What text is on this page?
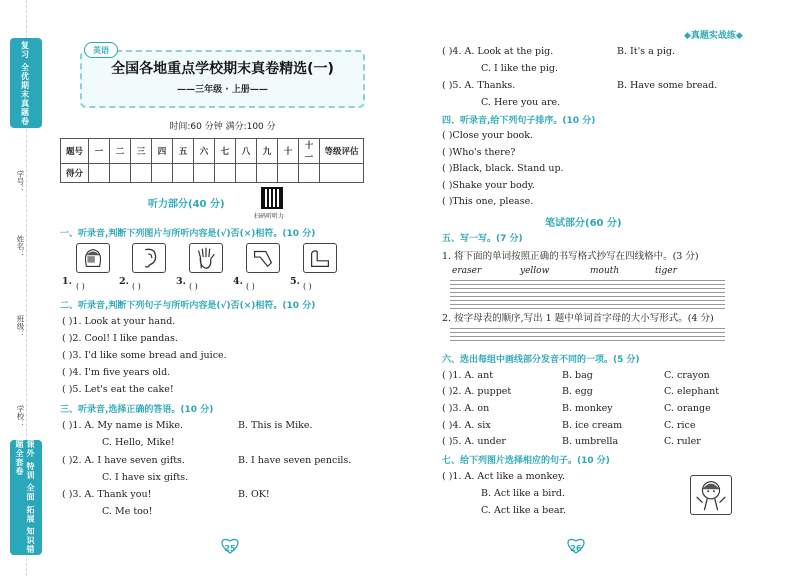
复习 全优期末真题卷
学号：
姓名：
班级：
学校：
课外 特训 全面 拓展 知识错题全套卷
英语
全国各地重点学校期末真卷精选(一)
——三年级 · 上册——
时间:60 分钟 满分:100 分
题号	一	二	三	四	五	六	七	八	九	十	十一	等级评估
得分												
听力部分(40 分)
扫码听听力
一、听录音,判断下列图片与所听内容是(√)否(×)相符。(10 分)
1. ( )	2. ( )	3. ( )	4. ( )	5. ( )
二、听录音,判断下列句子与所听内容是(√)否(×)相符。(10 分)
( )1. Look at your hand.
( )2. Cool! I like pandas.
( )3. I'd like some bread and juice.
( )4. I'm five years old.
( )5. Let's eat the cake!
三、听录音,选择正确的答语。(10 分)
( )1. A. My name is Mike.	B. This is Mike.
C. Hello, Mike!
( )2. A. I have seven gifts.	B. I have seven pencils.
C. I have six gifts.
( )3. A. Thank you!	B. OK!
C. Me too!
25
◆真题实战练◆
( )4. A. Look at the pig.	B. It's a pig.
C. I like the pig.
( )5. A. Thanks.	B. Have some bread.
C. Here you are.
四、听录音,给下列句子排序。(10 分)
( )Close your book.
( )Who's there?
( )Black, black. Stand up.
( )Shake your body.
( )This one, please.
笔试部分(60 分)
五、写一写。(7 分)
1. 将下面的单词按照正确的书写格式抄写在四线格中。(3 分)
eraser	yellow	mouth	tiger
2. 按字母表的顺序,写出 1 题中单词首字母的大小写形式。(4 分)
六、选出每组中画线部分发音不同的一项。(5 分)
( )1. A. ant	B. bag	C. crayon
( )2. A. puppet	B. egg	C. elephant
( )3. A. on	B. monkey	C. orange
( )4. A. six	B. ice cream	C. rice
( )5. A. under	B. umbrella	C. ruler
七、给下列图片选择相应的句子。(10 分)
( )1. A. Act like a monkey.
B. Act like a bird.
C. Act like a bear.
26
